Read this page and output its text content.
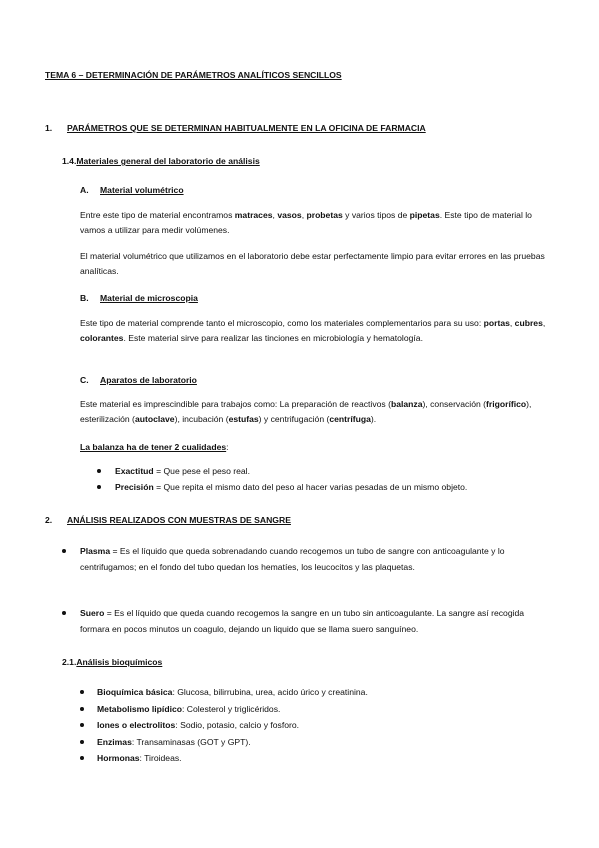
TEMA 6 – DETERMINACIÓN DE PARÁMETROS ANALÍTICOS SENCILLOS
1. PARÁMETROS QUE SE DETERMINAN HABITUALMENTE EN LA OFICINA DE FARMACIA
1.4.Materiales general del laboratorio de análisis
A. Material volumétrico
Entre este tipo de material encontramos matraces, vasos, probetas y varios tipos de pipetas. Este tipo de material lo vamos a utilizar para medir volúmenes.
El material volumétrico que utilizamos en el laboratorio debe estar perfectamente limpio para evitar errores en las pruebas analíticas.
B. Material de microscopia
Este tipo de material comprende tanto el microscopio, como los materiales complementarios para su uso: portas, cubres, colorantes. Este material sirve para realizar las tinciones en microbiología y hematología.
C. Aparatos de laboratorio
Este material es imprescindible para trabajos como: La preparación de reactivos (balanza), conservación (frigorífico), esterilización (autoclave), incubación (estufas) y centrifugación (centrífuga).
La balanza ha de tener 2 cualidades:
Exactitud = Que pese el peso real.
Precisión = Que repita el mismo dato del peso al hacer varias pesadas de un mismo objeto.
2. ANÁLISIS REALIZADOS CON MUESTRAS DE SANGRE
Plasma = Es el líquido que queda sobrenadando cuando recogemos un tubo de sangre con anticoagulante y lo centrifugamos; en el fondo del tubo quedan los hematíes, los leucocitos y las plaquetas.
Suero = Es el líquido que queda cuando recogemos la sangre en un tubo sin anticoagulante. La sangre así recogida formara en pocos minutos un coagulo, dejando un liquido que se llama suero sanguíneo.
2.1.Análisis bioquímicos
Bioquímica básica: Glucosa, bilirrubina, urea, acido úrico y creatinina.
Metabolismo lipídico: Colesterol y triglicéridos.
Iones o electrolitos: Sodio, potasio, calcio y fosforo.
Enzimas: Transaminasas (GOT y GPT).
Hormonas: Tiroideas.
